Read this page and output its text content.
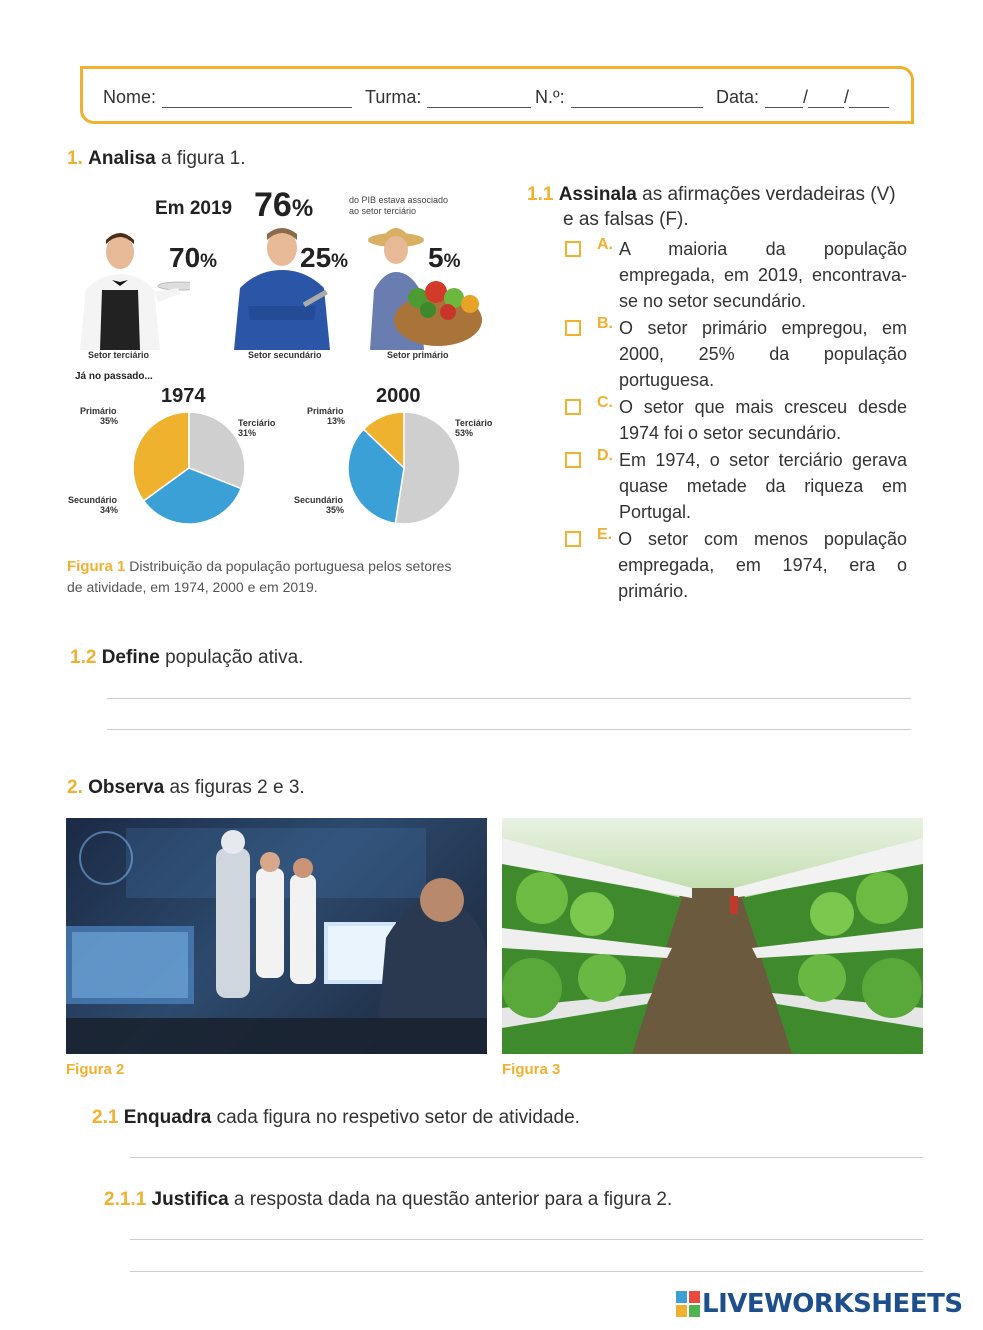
Nome:	Turma:	N.º:	Data: / /
1. Analisa a figura 1.
Em 2019 76%	do PIB estava associado
ao setor terciário
70%	25%	5%
Setor terciário	Setor secundário	Setor primário
Já no passado...
1974
Primário
35%	Terciário
31%
Secundário
34%
2000
Primário
13%	Terciário
53%
Secundário
35%
Figura 1 Distribuição da população portuguesa pelos setores
de atividade, em 1974, 2000 e em 2019.
1.1 Assinala as afirmações verdadeiras (V)
e as falsas (F).
A. A maioria da população empregada, em 2019, encontrava-se no setor secundário.
B. O setor primário empregou, em 2000, 25% da população portuguesa.
C. O setor que mais cresceu desde 1974 foi o setor secundário.
D. Em 1974, o setor terciário gerava quase metade da riqueza em Portugal.
E. O setor com menos população empregada, em 1974, era o primário.
1.2 Define população ativa.
2. Observa as figuras 2 e 3.
Figura 2	Figura 3
2.1 Enquadra cada figura no respetivo setor de atividade.
2.1.1 Justifica a resposta dada na questão anterior para a figura 2.
LIVEWORKSHEETS
